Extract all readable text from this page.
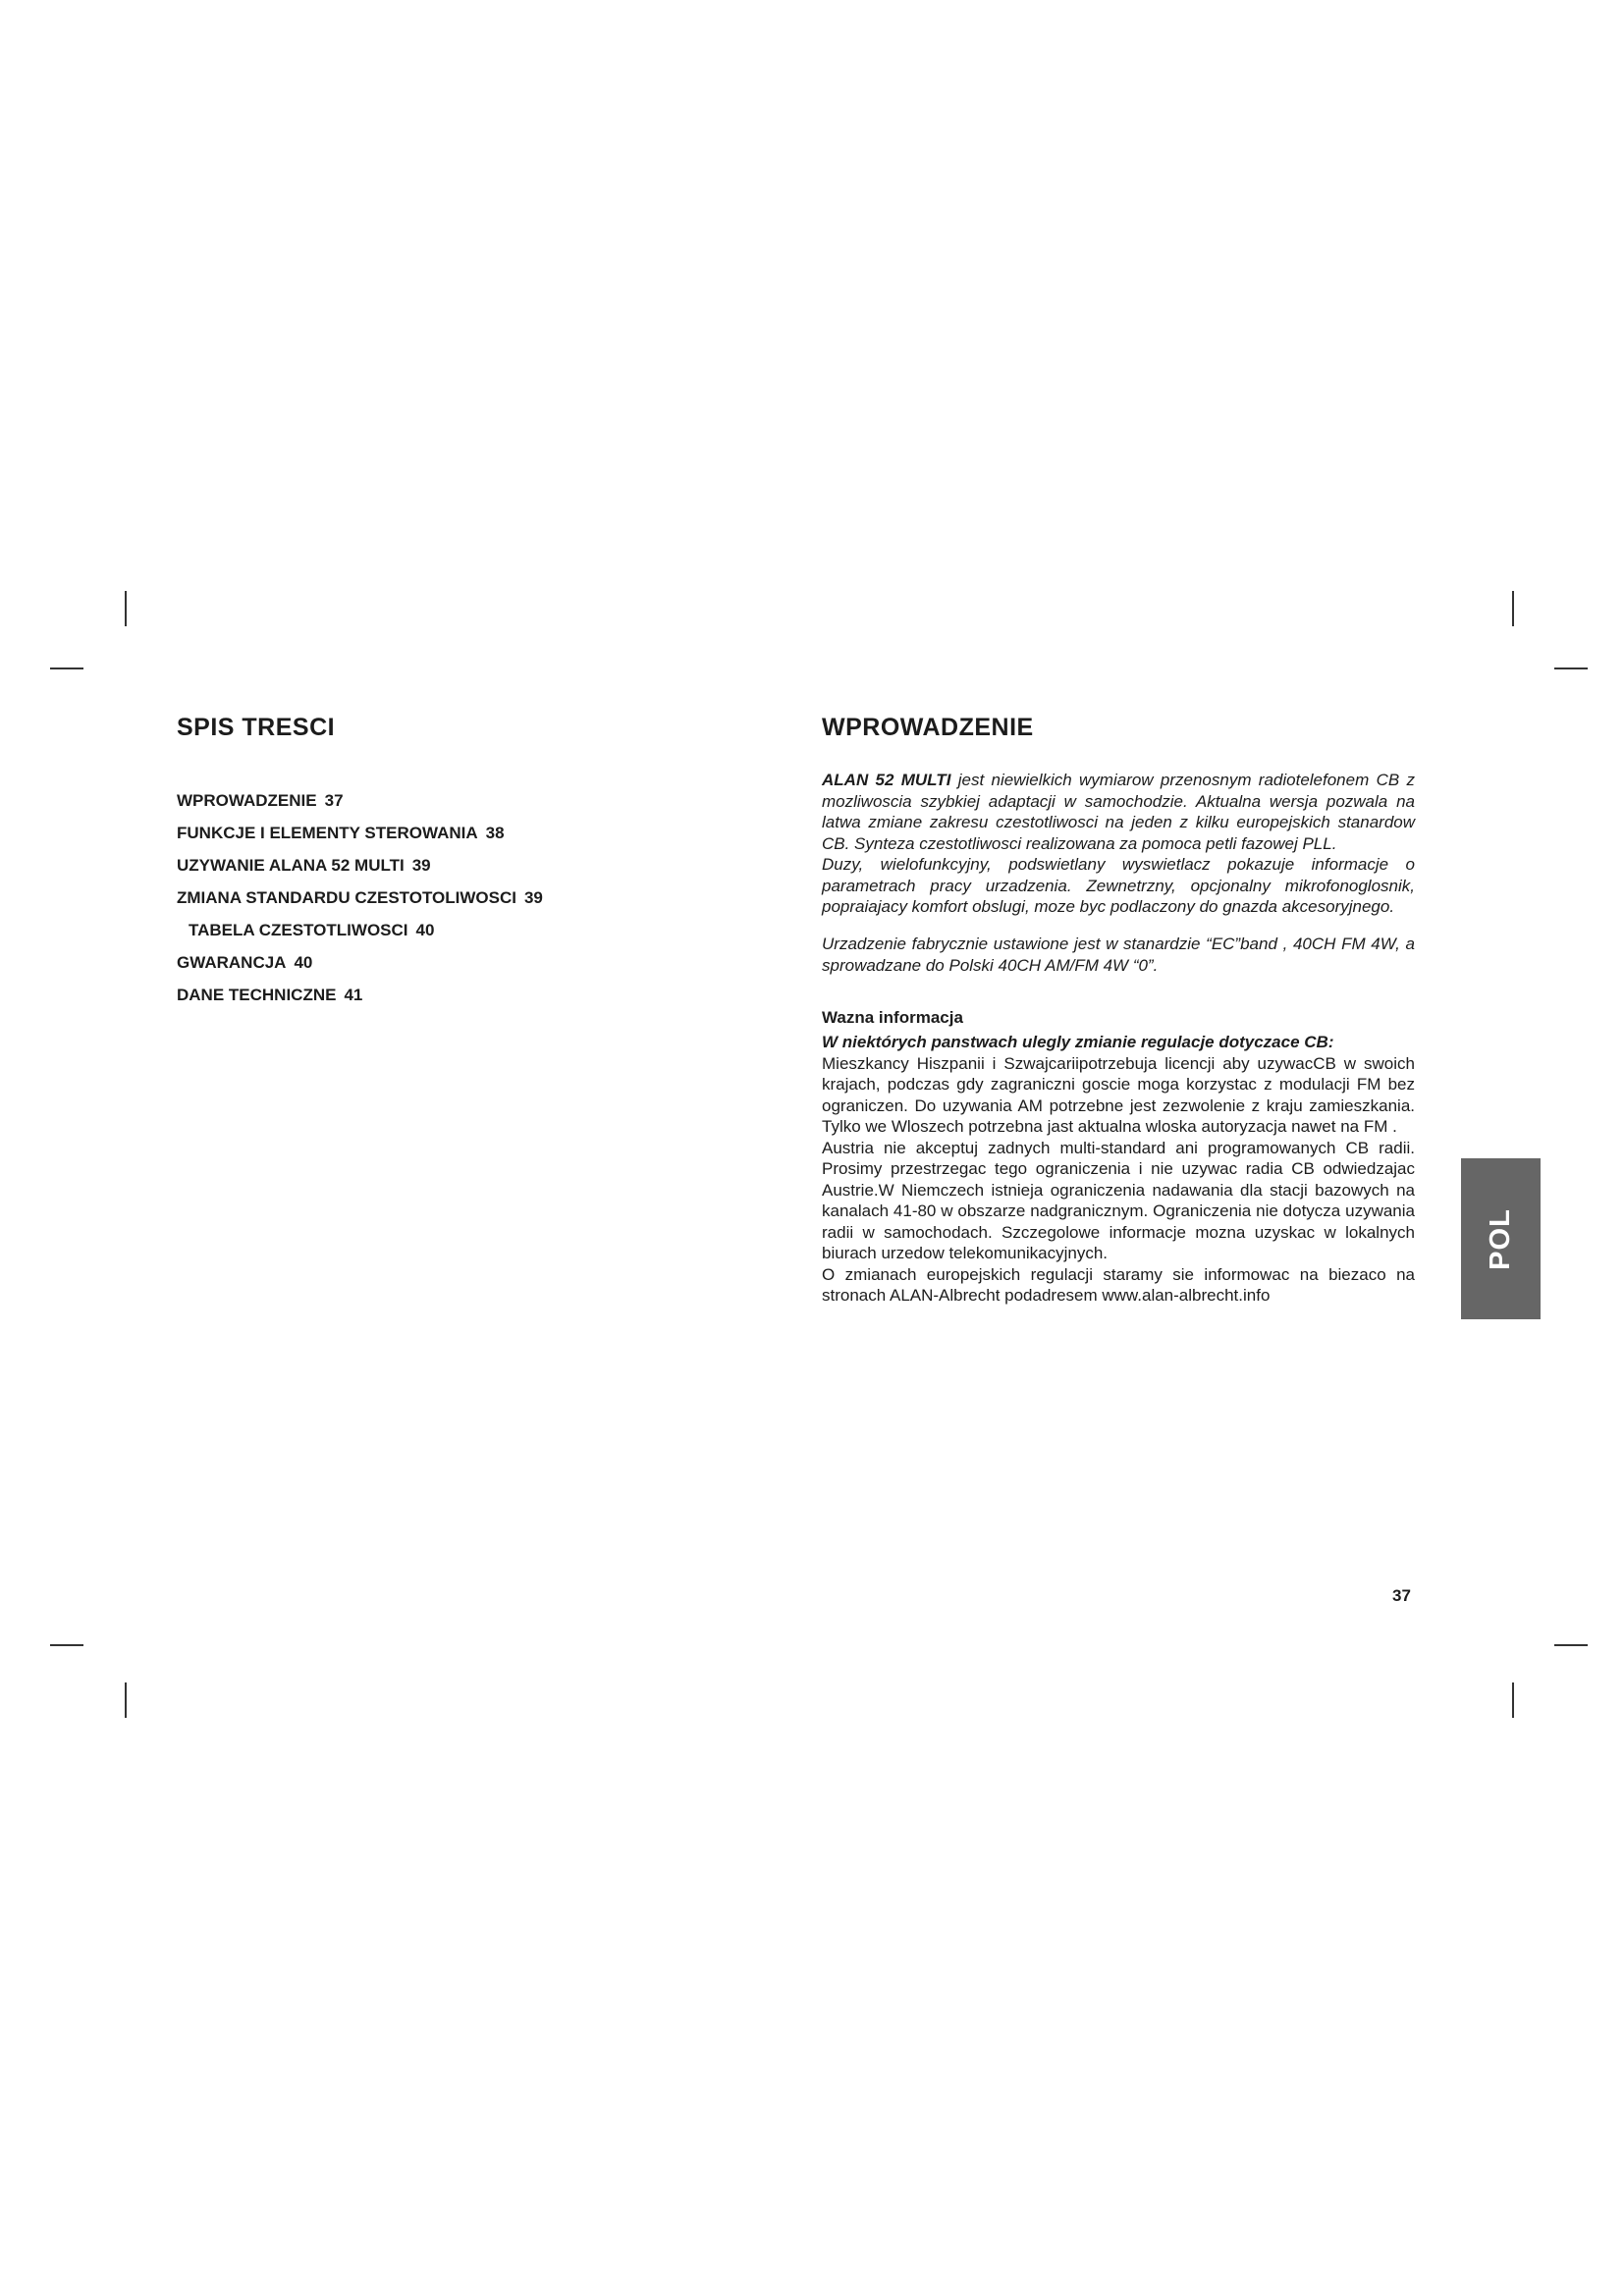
SPIS TRESCI
WPROWADZENIE 37
FUNKCJE I ELEMENTY STEROWANIA 38
UZYWANIE ALANA 52 MULTI 39
ZMIANA STANDARDU CZESTOTOLIWOSCI 39
TABELA CZESTOTLIWOSCI 40
GWARANCJA 40
DANE TECHNICZNE 41
WPROWADZENIE

ALAN 52 MULTI jest niewielkich wymiarow przenosnym radiotelefonem CB z mozliwoscia szybkiej adaptacji w samochodzie. Aktualna wersja pozwala na latwa zmiane zakresu czestotliwosci na jeden z kilku europejskich stanardow CB. Synteza czestotliwosci realizowana za pomoca petli fazowej PLL.

Duzy, wielofunkcyjny, podswietlany wyswietlacz pokazuje informacje o parametrach pracy urzadzenia. Zewnetrzny, opcjonalny mikrofonoglosnik, popraiajacy komfort obslugi, moze byc podlaczony do gnazda akcesoryjnego.

Urzadzenie fabrycznie ustawione jest w stanardzie “EC”band , 40CH FM 4W, a sprowadzane do Polski 40CH AM/FM 4W “0”.

Wazna informacja

W niektórych panstwach ulegly zmianie regulacje dotyczace CB:

Mieszkancy Hiszpanii i Szwajcariipotrzebuja licencji aby uzywacCB w swoich krajach, podczas gdy zagraniczni goscie moga korzystac z modulacji FM bez ograniczen. Do uzywania AM potrzebne jest zezwolenie z kraju zamieszkania. Tylko we Wloszech potrzebna jast aktualna wloska autoryzacja nawet na FM .

Austria nie akceptuj zadnych multi-standard ani programowanych CB radii. Prosimy przestrzegac tego ograniczenia i nie uzywac radia CB odwiedzajac Austrie.W Niemczech istnieja ograniczenia nadawania dla stacji bazowych na kanalach 41-80 w obszarze nadgranicznym. Ograniczenia nie dotycza uzywania radii w samochodach. Szczegolowe informacje mozna uzyskac w lokalnych biurach urzedow telekomunikacyjnych.

O zmianach europejskich regulacji staramy sie informowac na biezaco na stronach ALAN-Albrecht podadresem www.alan-albrecht.info

POL
37
